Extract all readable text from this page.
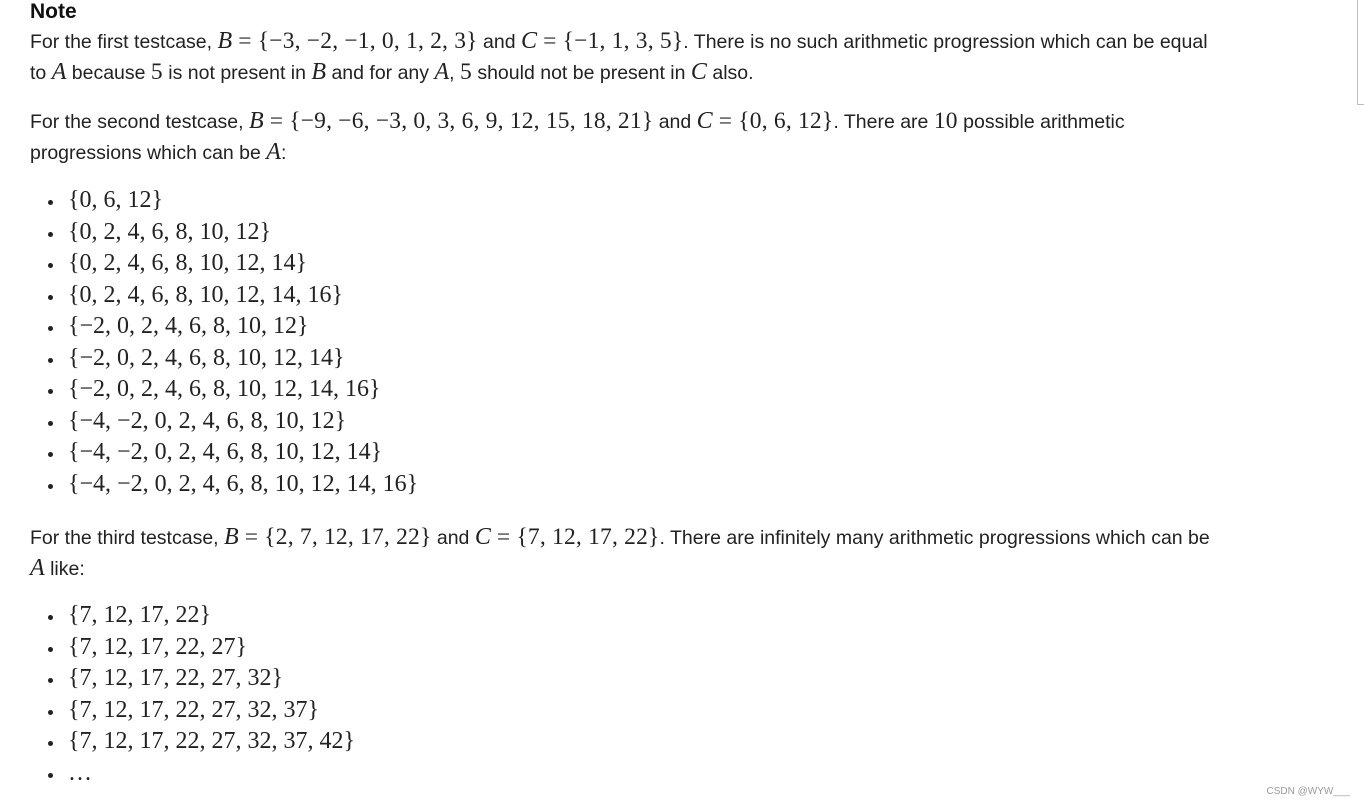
Note

For the first testcase, B = {−3, −2, −1, 0, 1, 2, 3} and C = {−1, 1, 3, 5}. There is no such arithmetic progression which can be equal
to A because 5 is not present in B and for any A, 5 should not be present in C also.

For the second testcase, B = {−9, −6, −3, 0, 3, 6, 9, 12, 15, 18, 21} and C = {0, 6, 12}. There are 10 possible arithmetic
progressions which can be A:

{0, 6, 12}
{0, 2, 4, 6, 8, 10, 12}
{0, 2, 4, 6, 8, 10, 12, 14}
{0, 2, 4, 6, 8, 10, 12, 14, 16}
{−2, 0, 2, 4, 6, 8, 10, 12}
{−2, 0, 2, 4, 6, 8, 10, 12, 14}
{−2, 0, 2, 4, 6, 8, 10, 12, 14, 16}
{−4, −2, 0, 2, 4, 6, 8, 10, 12}
{−4, −2, 0, 2, 4, 6, 8, 10, 12, 14}
{−4, −2, 0, 2, 4, 6, 8, 10, 12, 14, 16}

For the third testcase, B = {2, 7, 12, 17, 22} and C = {7, 12, 17, 22}. There are infinitely many arithmetic progressions which can be
A like:

{7, 12, 17, 22}
{7, 12, 17, 22, 27}
{7, 12, 17, 22, 27, 32}
{7, 12, 17, 22, 27, 32, 37}
{7, 12, 17, 22, 27, 32, 37, 42}
…
CSDN @WYW___
